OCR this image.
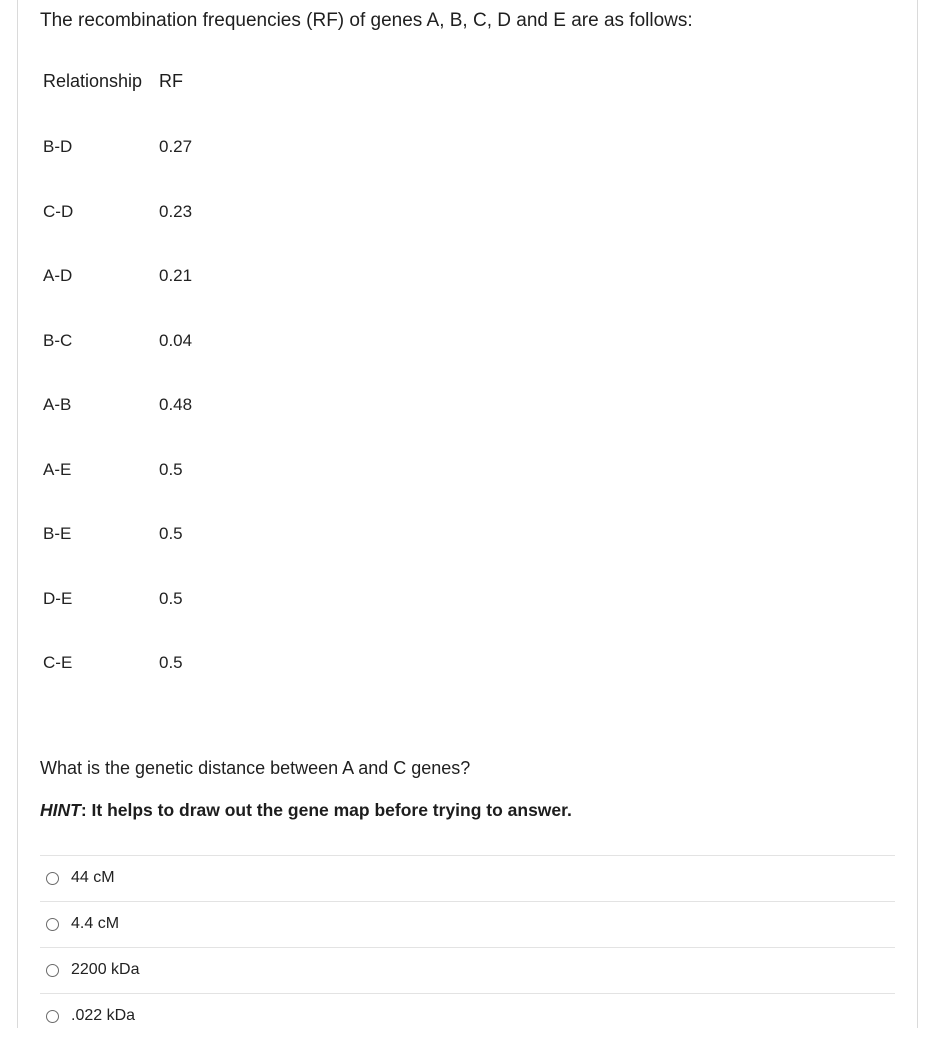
The recombination frequencies (RF) of genes A, B, C, D and E are as follows:
Relationship RF
B-D	0.27
C-D	0.23
A-D	0.21
B-C	0.04
A-B	0.48
A-E	0.5
B-E	0.5
D-E	0.5
C-E	0.5
What is the genetic distance between A and C genes?
HINT: It helps to draw out the gene map before trying to answer.
44 cM
4.4 cM
2200 kDa
.022 kDa
